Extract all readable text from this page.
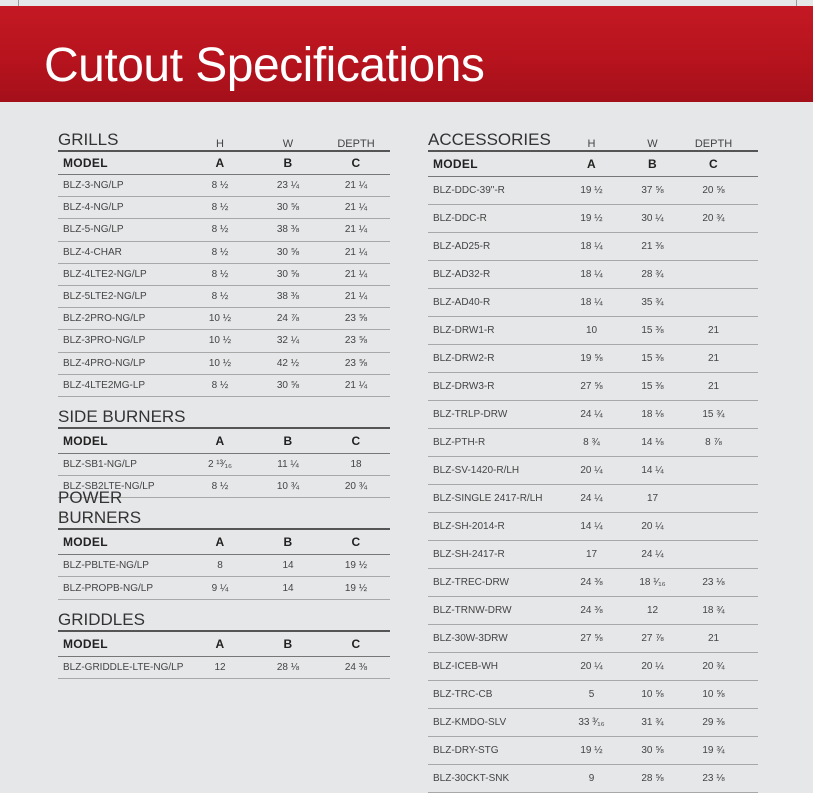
Cutout Specifications
GRILLS	H	W	DEPTH
MODEL	A	B	C
BLZ-3-NG/LP	8 ½	23 ¼	21 ¼
BLZ-4-NG/LP	8 ½	30 ⅝	21 ¼
BLZ-5-NG/LP	8 ½	38 ⅜	21 ¼
BLZ-4-CHAR	8 ½	30 ⅝	21 ¼
BLZ-4LTE2-NG/LP	8 ½	30 ⅝	21 ¼
BLZ-5LTE2-NG/LP	8 ½	38 ⅜	21 ¼
BLZ-2PRO-NG/LP	10 ½	24 ⅞	23 ⅝
BLZ-3PRO-NG/LP	10 ½	32 ¼	23 ⅝
BLZ-4PRO-NG/LP	10 ½	42 ½	23 ⅝
BLZ-4LTE2MG-LP	8 ½	30 ⅝	21 ¼
SIDE BURNERS
MODEL	A	B	C
BLZ-SB1-NG/LP	2 ¹³⁄₁₆	11 ¼	18
BLZ-SB2LTE-NG/LP	8 ½	10 ¾	20 ¾
POWER BURNERS
MODEL	A	B	C
BLZ-PBLTE-NG/LP	8	14	19 ½
BLZ-PROPB-NG/LP	9 ¼	14	19 ½
GRIDDLES
MODEL	A	B	C
BLZ-GRIDDLE-LTE-NG/LP	12	28 ⅛	24 ⅜
ACCESSORIES	H	W	DEPTH
MODEL	A	B	C
BLZ-DDC-39"-R	19 ½	37 ⅝	20 ⅝
BLZ-DDC-R	19 ½	30 ¼	20 ¾
BLZ-AD25-R	18 ¼	21 ⅜
BLZ-AD32-R	18 ¼	28 ¾
BLZ-AD40-R	18 ¼	35 ¾
BLZ-DRW1-R	10	15 ⅜	21
BLZ-DRW2-R	19 ⅝	15 ⅜	21
BLZ-DRW3-R	27 ⅝	15 ⅜	21
BLZ-TRLP-DRW	24 ¼	18 ⅛	15 ¾
BLZ-PTH-R	8 ¾	14 ⅛	8 ⅞
BLZ-SV-1420-R/LH	20 ¼	14 ¼
BLZ-SINGLE 2417-R/LH	24 ¼	17
BLZ-SH-2014-R	14 ¼	20 ¼
BLZ-SH-2417-R	17	24 ¼
BLZ-TREC-DRW	24 ⅜	18 ¹⁄₁₆	23 ⅛
BLZ-TRNW-DRW	24 ⅜	12	18 ¾
BLZ-30W-3DRW	27 ⅝	27 ⅞	21
BLZ-ICEB-WH	20 ¼	20 ¼	20 ¾
BLZ-TRC-CB	5	10 ⅝	10 ⅝
BLZ-KMDO-SLV	33 ³⁄₁₆	31 ¾	29 ⅜
BLZ-DRY-STG	19 ½	30 ⅝	19 ¾
BLZ-30CKT-SNK	9	28 ⅝	23 ⅛
